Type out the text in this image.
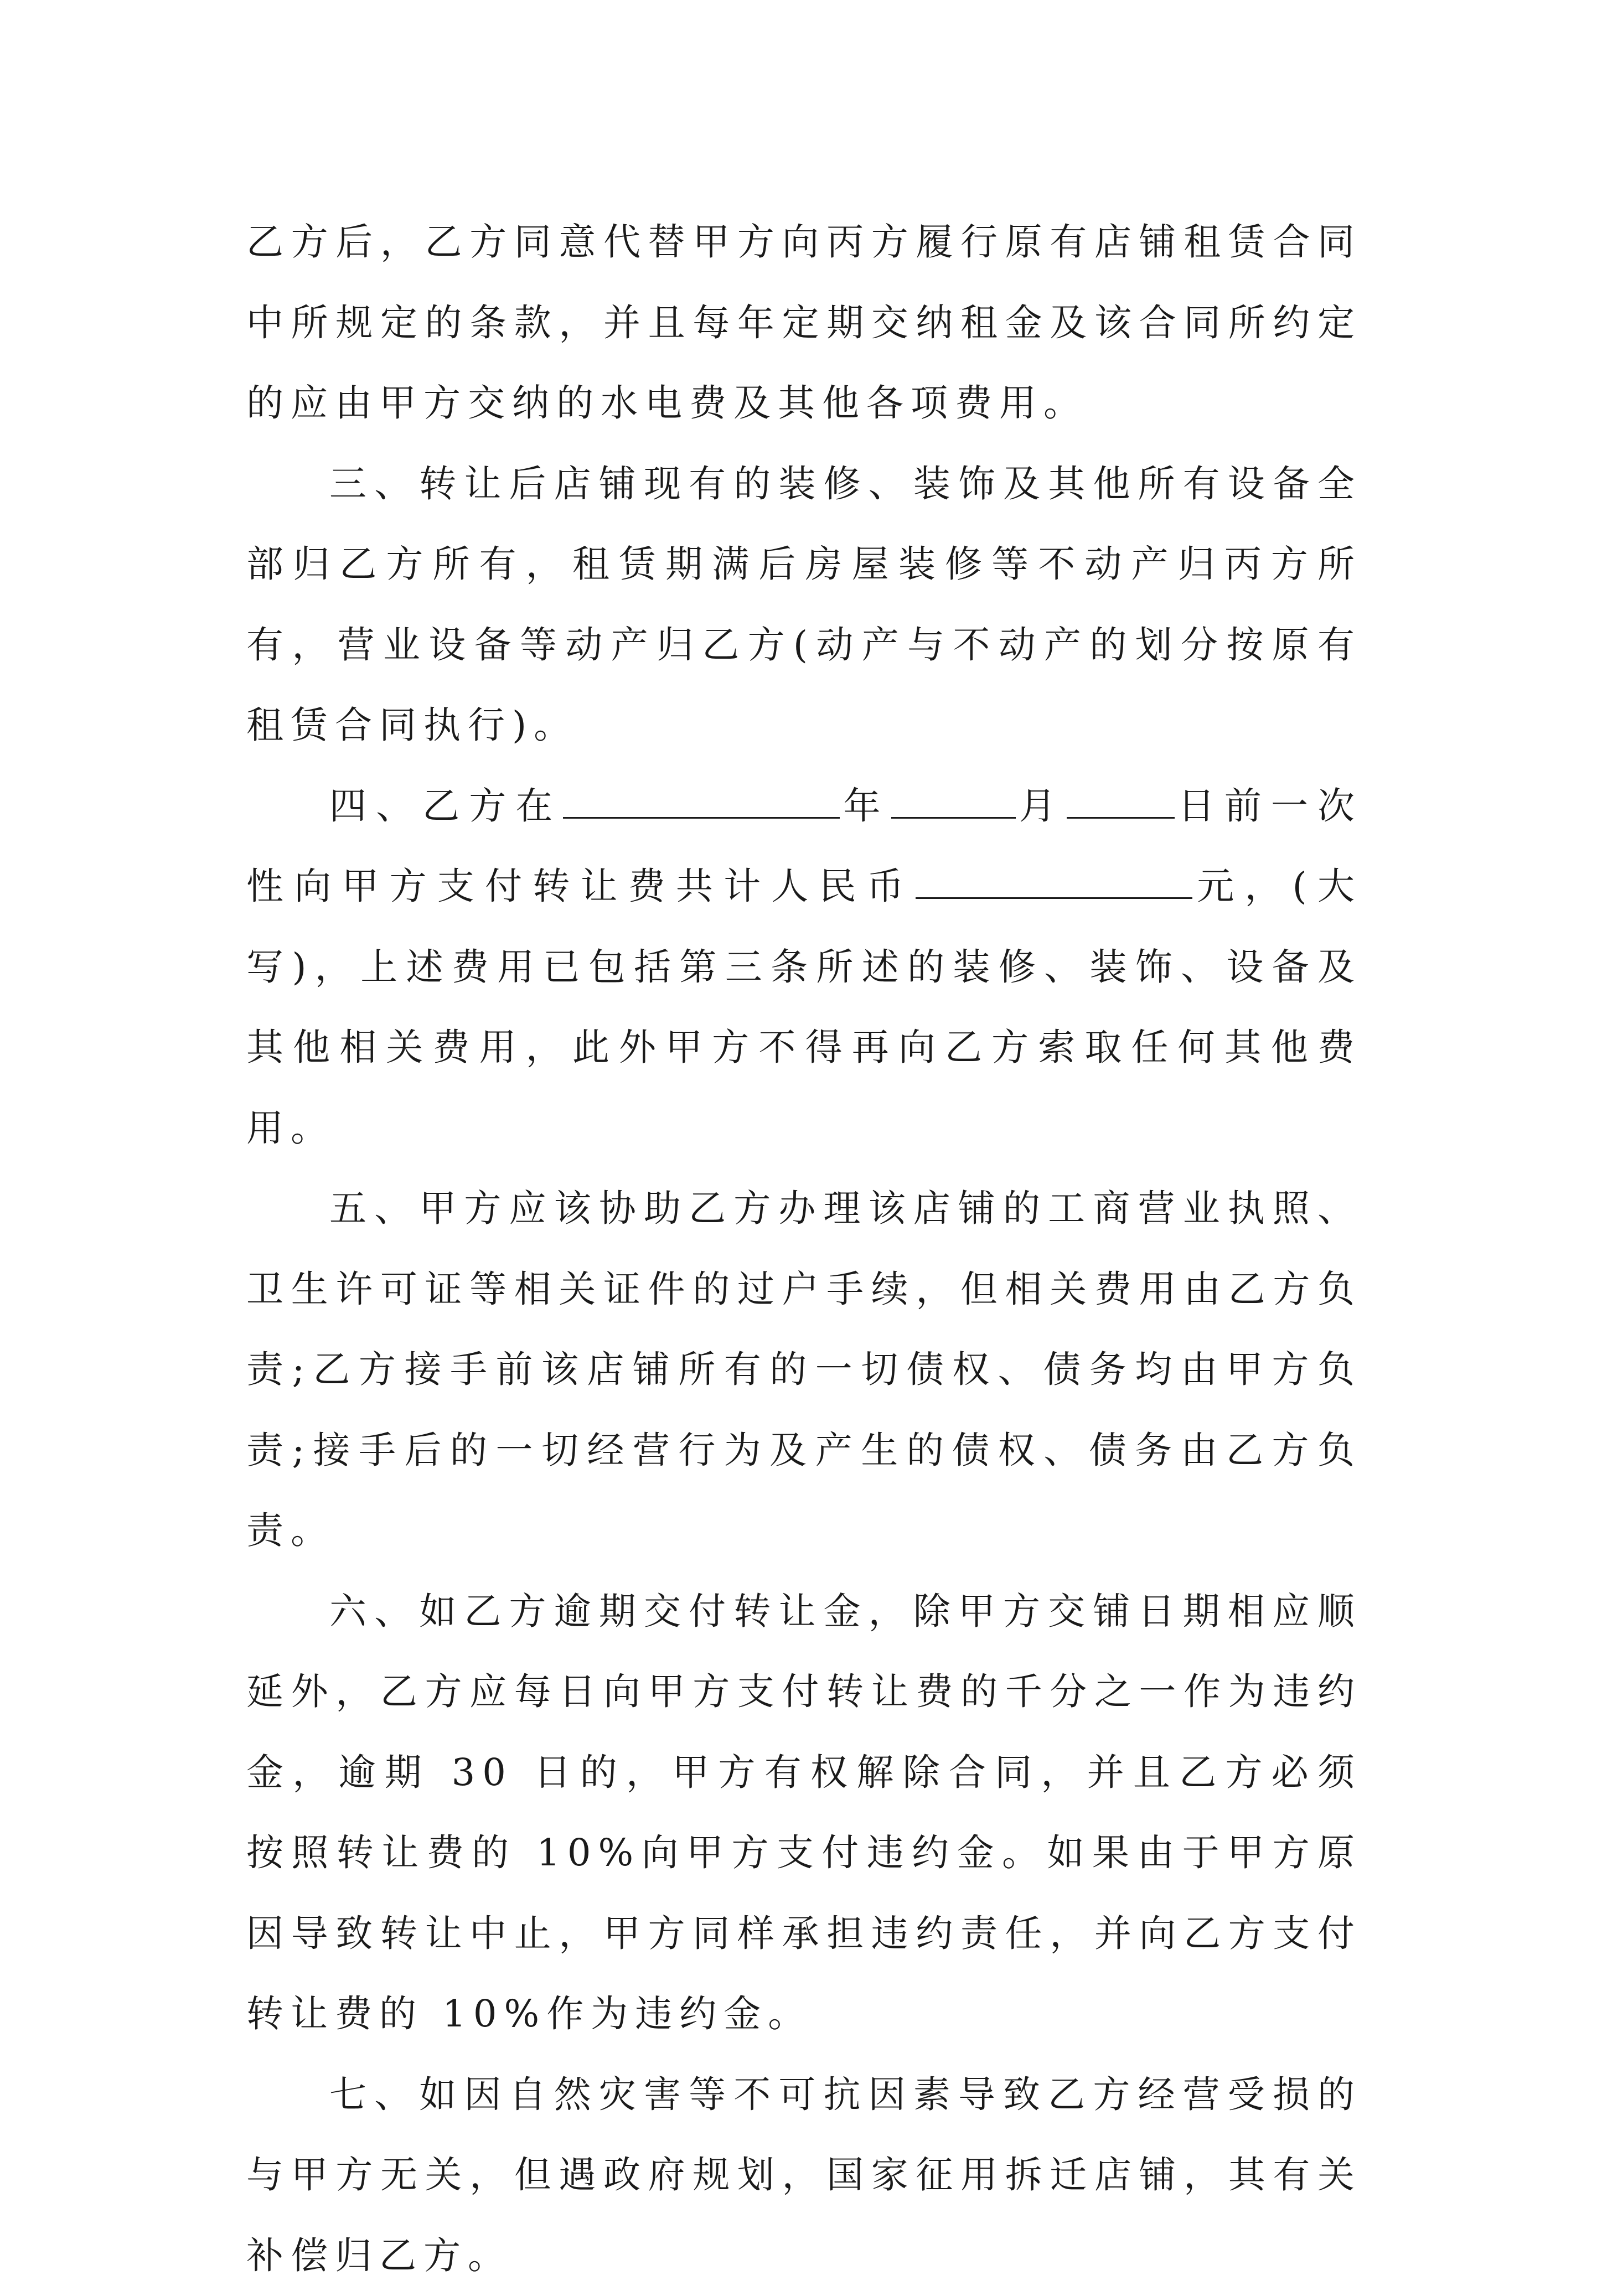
乙方后，乙方同意代替甲方向丙方履行原有店铺租赁合同中所规定的条款，并且每年定期交纳租金及该合同所约定的应由甲方交纳的水电费及其他各项费用。

三、转让后店铺现有的装修、装饰及其他所有设备全部归乙方所有，租赁期满后房屋装修等不动产归丙方所有，营业设备等动产归乙方(动产与不动产的划分按原有租赁合同执行)。

四、乙方在	年	月	日前一次性向甲方支付转让费共计人民币	元，(大写)，上述费用已包括第三条所述的装修、装饰、设备及其他相关费用，此外甲方不得再向乙方索取任何其他费用。

五、甲方应该协助乙方办理该店铺的工商营业执照、卫生许可证等相关证件的过户手续，但相关费用由乙方负责;乙方接手前该店铺所有的一切债权、债务均由甲方负责;接手后的一切经营行为及产生的债权、债务由乙方负责。

六、如乙方逾期交付转让金，除甲方交铺日期相应顺延外，乙方应每日向甲方支付转让费的千分之一作为违约金，逾期 30 日的，甲方有权解除合同，并且乙方必须按照转让费的 10%向甲方支付违约金。如果由于甲方原因导致转让中止，甲方同样承担违约责任，并向乙方支付转让费的 10%作为违约金。

七、如因自然灾害等不可抗因素导致乙方经营受损的与甲方无关，但遇政府规划，国家征用拆迁店铺，其有关补偿归乙方。
